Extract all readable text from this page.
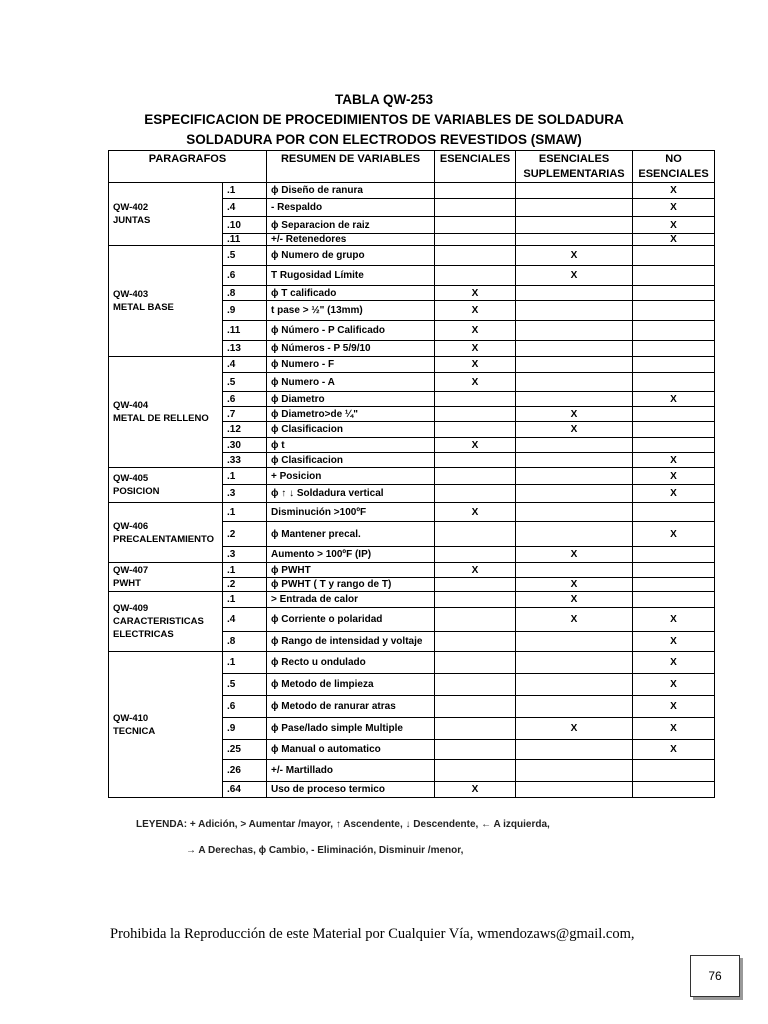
TABLA QW-253
ESPECIFICACION DE PROCEDIMIENTOS DE VARIABLES DE SOLDADURA
SOLDADURA POR CON ELECTRODOS REVESTIDOS (SMAW)
PARAGRAFOS		RESUMEN DE VARIABLES	ESENCIALES	ESENCIALES SUPLEMENTARIAS	NO ESENCIALES
QW-402
JUNTAS	.1	ϕ Diseño de ranura			X
	.4	- Respaldo			X
	.10	ϕ Separacion de raiz			X
	.11	+/- Retenedores			X
QW-403
METAL BASE	.5	ϕ Numero de grupo		X	
	.6	T Rugosidad Límite		X	
	.8	ϕ T calificado	X		
	.9	t pase > ½" (13mm)	X		
	.11	ϕ Número - P Calificado	X		
	.13	ϕ Números - P 5/9/10	X		
QW-404
METAL DE RELLENO	.4	ϕ Numero - F	X		
	.5	ϕ Numero - A	X		
	.6	ϕ Diametro			X
	.7	ϕ Diametro>de ¼"		X	
	.12	ϕ Clasificacion		X	
	.30	ϕ t	X		
	.33	ϕ Clasificacion			X
QW-405
POSICION	.1	+ Posicion			X
	.3	ϕ ↑ ↓ Soldadura vertical			X
QW-406
PRECALENTAMIENTO	.1	Disminución >100ºF	X		
	.2	ϕ Mantener precal.			X
	.3	Aumento > 100ºF (IP)		X	
QW-407
PWHT	.1	ϕ PWHT	X		
	.2	ϕ PWHT ( T y rango de T)		X	
QW-409
CARACTERISTICAS
ELECTRICAS	.1	> Entrada de calor		X	
	.4	ϕ Corriente o polaridad		X	X
	.8	ϕ Rango de intensidad y voltaje			X
QW-410
TECNICA	.1	ϕ Recto u ondulado			X
	.5	ϕ Metodo de limpieza			X
	.6	ϕ Metodo de ranurar atras			X
	.9	ϕ Pase/lado simple Multiple		X	X
	.25	ϕ Manual o automatico			X
	.26	+/- Martillado			
	.64	Uso de proceso termico	X		
LEYENDA: + Adición, > Aumentar /mayor, ↑ Ascendente, ↓ Descendente, ← A izquierda,
→ A Derechas, ϕ Cambio, - Eliminación, Disminuir /menor,
Prohibida la Reproducción de este Material por Cualquier Vía, wmendozaws@gmail.com,
76
